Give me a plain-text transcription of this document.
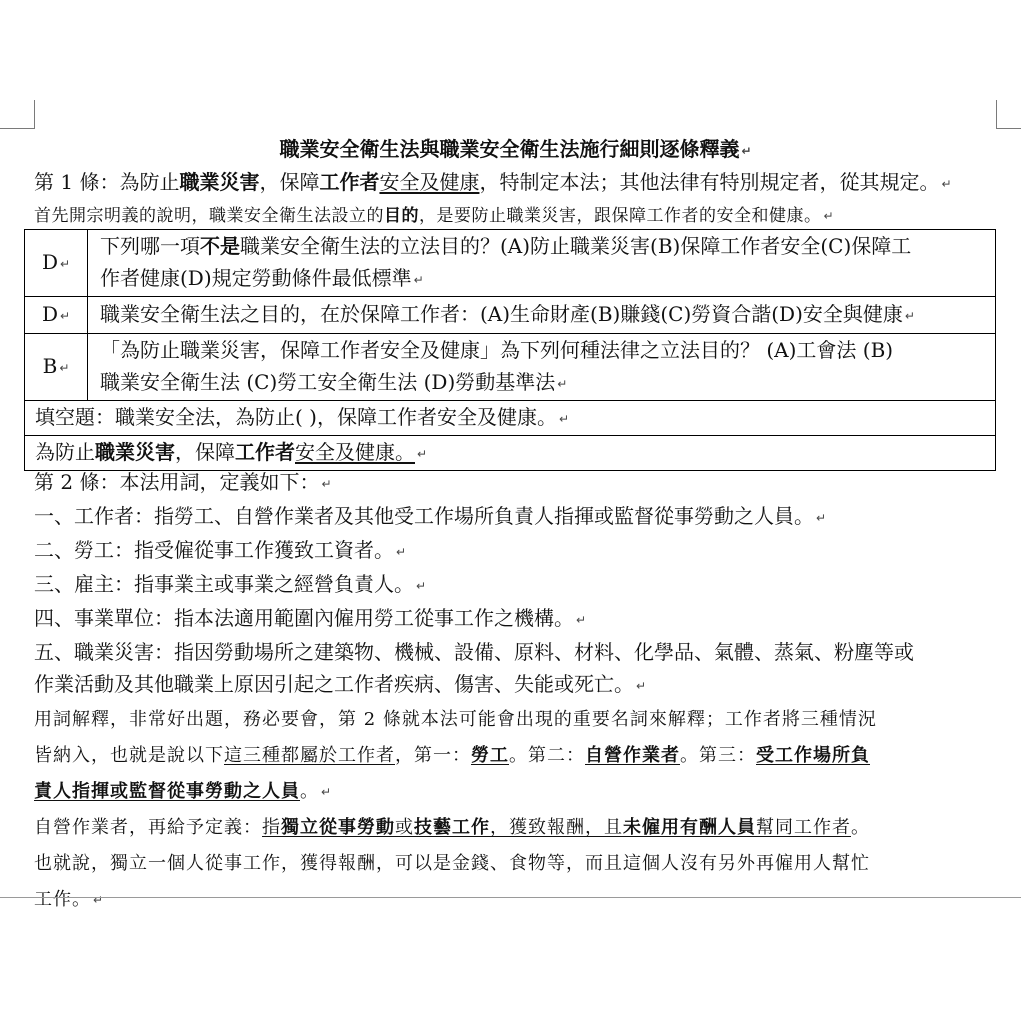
職業安全衛生法與職業安全衛生法施行細則逐條釋義 ↵
第 1 條：為防止職業災害，保障工作者安全及健康，特制定本法；其他法律有特別規定者，從其規定。 ↵
首先開宗明義的說明，職業安全衛生法設立的目的，是要防止職業災害，跟保障工作者的安全和健康。 ↵
D ↵	下列哪一項不是職業安全衛生法的立法目的？(A)防止職業災害(B)保障工作者安全(C)保障工
作者健康(D)規定勞動條件最低標準 ↵

D ↵	職業安全衛生法之目的，在於保障工作者：(A)生命財產(B)賺錢(C)勞資合諧(D)安全與健康 ↵
B ↵	「為防止職業災害，保障工作者安全及健康」為下列何種法律之立法目的？ (A)工會法 (B)
職業安全衛生法 (C)勞工安全衛生法 (D)勞動基準法 ↵

填空題：職業安全法，為防止( )，保障工作者安全及健康。 ↵	
為防止職業災害，保障工作者安全及健康。 ↵	
第 2 條：本法用詞，定義如下： ↵
一、工作者：指勞工、自營作業者及其他受工作場所負責人指揮或監督從事勞動之人員。 ↵
二、勞工：指受僱從事工作獲致工資者。 ↵
三、雇主：指事業主或事業之經營負責人。 ↵
四、事業單位：指本法適用範圍內僱用勞工從事工作之機構。 ↵
五、職業災害：指因勞動場所之建築物、機械、設備、原料、材料、化學品、氣體、蒸氣、粉塵等或
作業活動及其他職業上原因引起之工作者疾病、傷害、失能或死亡。 ↵
用詞解釋，非常好出題，務必要會，第 2 條就本法可能會出現的重要名詞來解釋；工作者將三種情況
皆納入，也就是說以下這三種都屬於工作者，第一：勞工。第二：自營作業者。第三：受工作場所負
責人指揮或監督從事勞動之人員。 ↵
自營作業者，再給予定義：指獨立從事勞動或技藝工作，獲致報酬，且未僱用有酬人員幫同工作者。
也就說，獨立一個人從事工作，獲得報酬，可以是金錢、食物等，而且這個人沒有另外再僱用人幫忙
工作。 ↵
